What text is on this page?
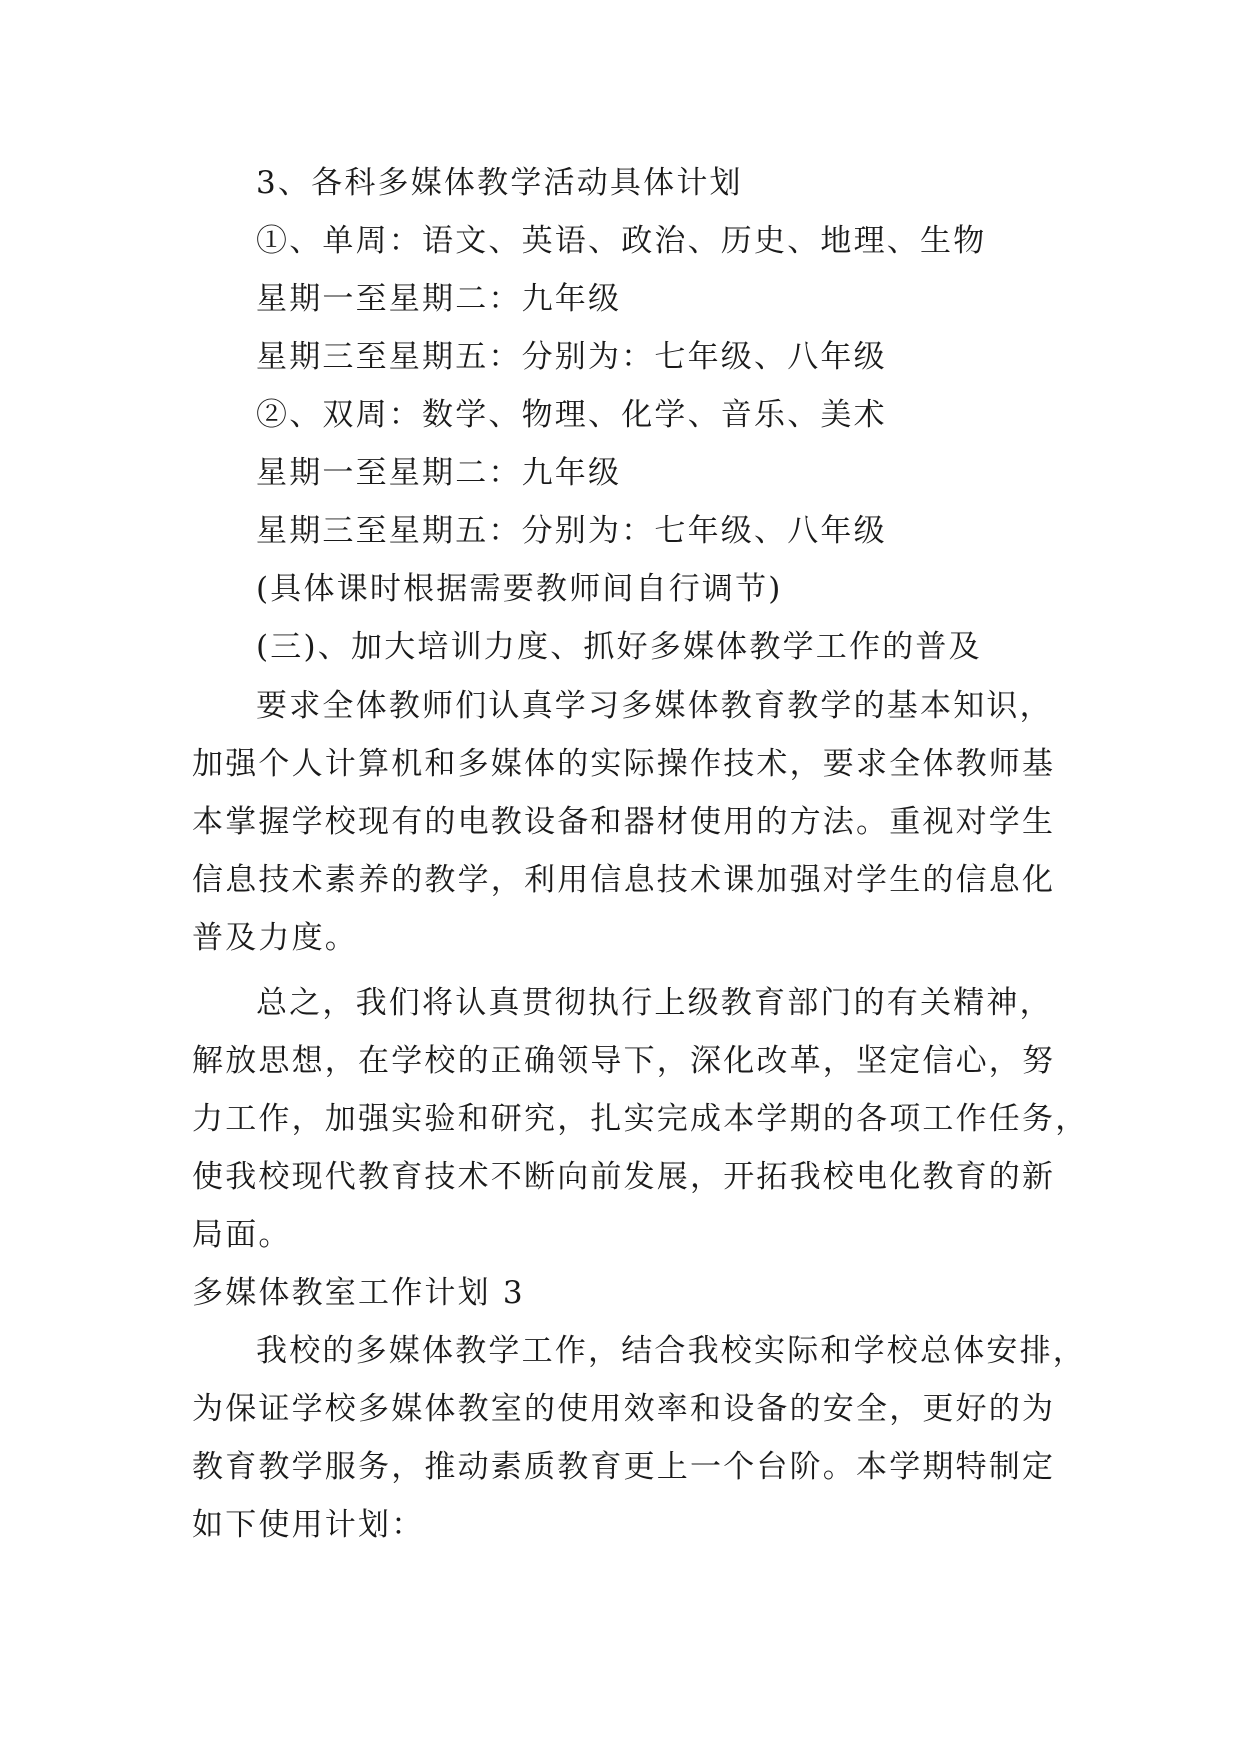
3、各科多媒体教学活动具体计划
①、单周：语文、英语、政治、历史、地理、生物
星期一至星期二：九年级
星期三至星期五：分别为：七年级、八年级
②、双周：数学、物理、化学、音乐、美术
星期一至星期二：九年级
星期三至星期五：分别为：七年级、八年级
(具体课时根据需要教师间自行调节)
(三)、加大培训力度、抓好多媒体教学工作的普及
要求全体教师们认真学习多媒体教育教学的基本知识，
加强个人计算机和多媒体的实际操作技术，要求全体教师基
本掌握学校现有的电教设备和器材使用的方法。重视对学生
信息技术素养的教学，利用信息技术课加强对学生的信息化
普及力度。
总之，我们将认真贯彻执行上级教育部门的有关精神，
解放思想，在学校的正确领导下，深化改革，坚定信心，努
力工作，加强实验和研究，扎实完成本学期的各项工作任务，
使我校现代教育技术不断向前发展，开拓我校电化教育的新
局面。
多媒体教室工作计划 3
我校的多媒体教学工作，结合我校实际和学校总体安排，
为保证学校多媒体教室的使用效率和设备的安全，更好的为
教育教学服务，推动素质教育更上一个台阶。本学期特制定
如下使用计划：
